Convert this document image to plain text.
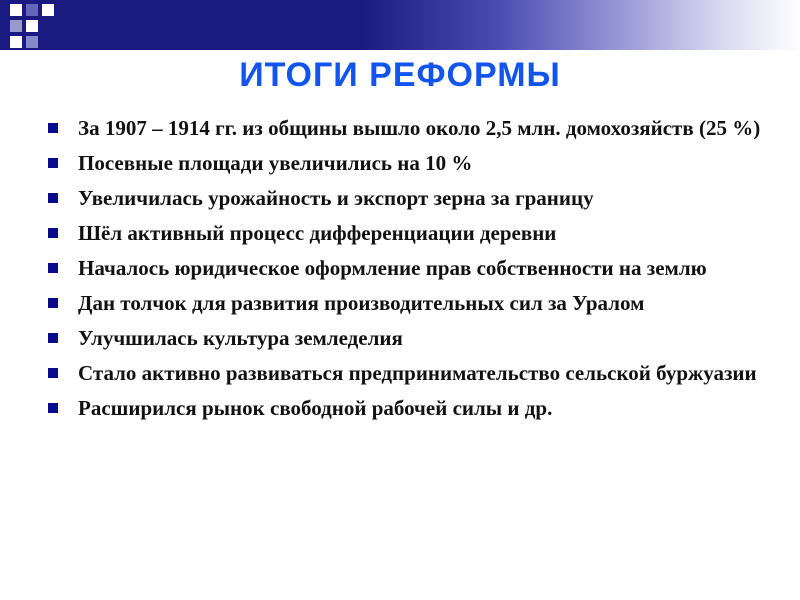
ИТОГИ РЕФОРМЫ
За 1907 – 1914 гг. из общины вышло около 2,5 млн. домохозяйств (25 %)
Посевные площади увеличились на 10 %
Увеличилась урожайность и экспорт зерна за границу
Шёл активный процесс дифференциации деревни
Началось юридическое оформление прав собственности на землю
Дан толчок для развития производительных сил за Уралом
Улучшилась культура земледелия
Стало активно развиваться предпринимательство сельской буржуазии
Расширился рынок свободной рабочей силы и др.
